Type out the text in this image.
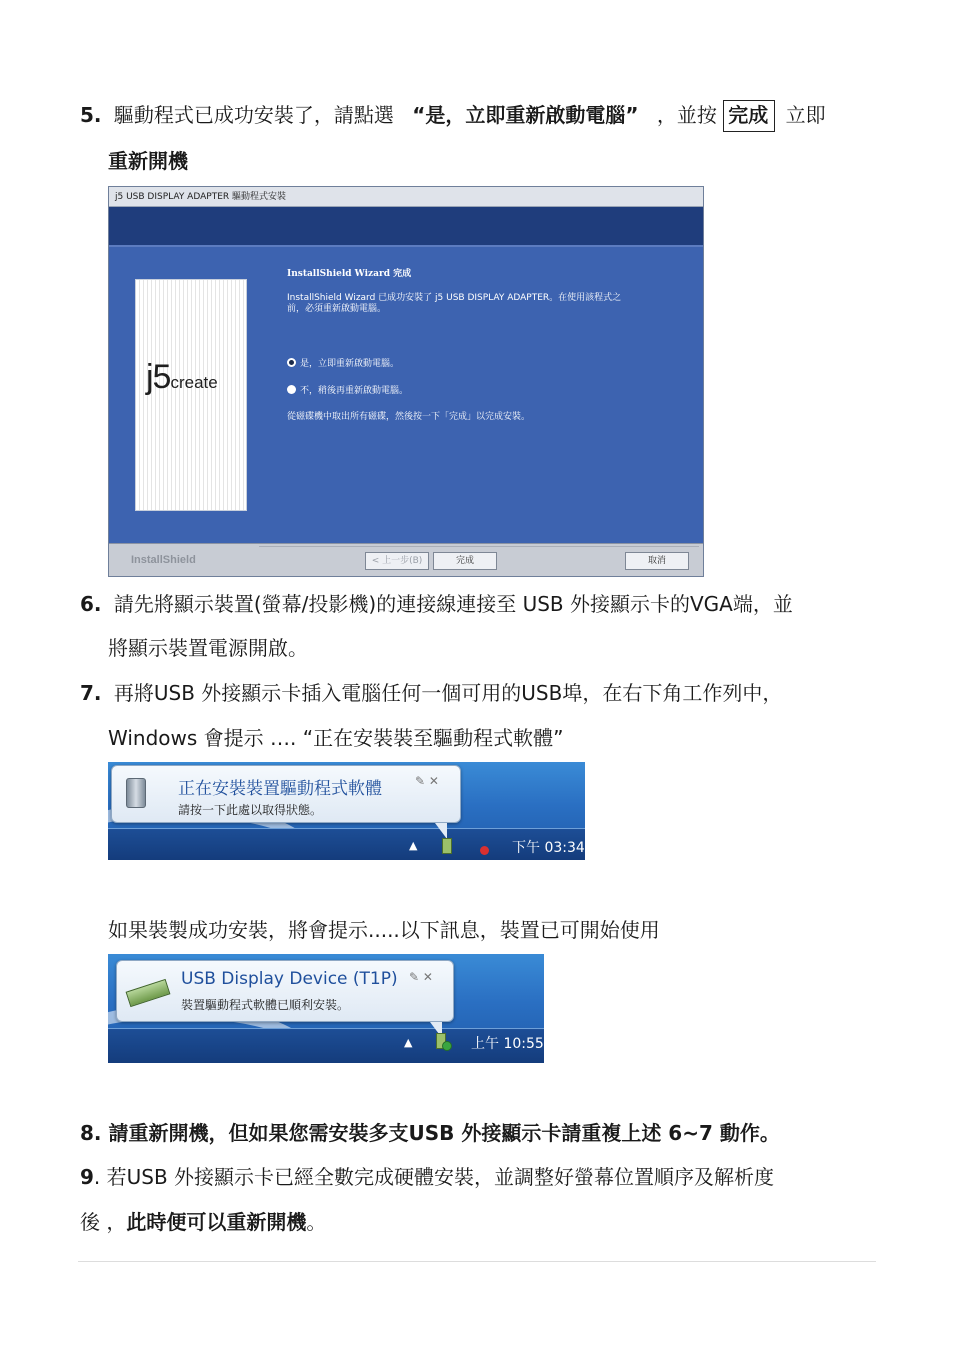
5. 驅動程式已成功安裝了，請點選 “是，立即重新啟動電腦” ，並按 完成 立即
重新開機
j5 USB DISPLAY ADAPTER 驅動程式安裝
j5create
InstallShield Wizard 完成
InstallShield Wizard 已成功安裝了 j5 USB DISPLAY ADAPTER。在使用該程式之
前，必須重新啟動電腦。
是，立即重新啟動電腦。
不，稍後再重新啟動電腦。
從磁碟機中取出所有磁碟，然後按一下「完成」以完成安裝。
InstallShield	< 上一步(B)	完成	取消
6. 請先將顯示裝置(螢幕/投影機)的連接線連接至 USB 外接顯示卡的VGA端，並
將顯示裝置電源開啟。
7. 再將USB 外接顯示卡插入電腦任何一個可用的USB埠，在右下角工作列中，
Windows 會提示 …. “正在安裝裝至驅動程式軟體”
正在安裝裝置驅動程式軟體
請按一下此處以取得狀態。
✎ ✕
▲	下午 03:34
如果裝製成功安裝，將會提示.....以下訊息，裝置已可開始使用
USB Display Device (T1P)
裝置驅動程式軟體已順利安裝。
✎ ✕
▲	上午 10:55
8. 請重新開機，但如果您需安裝多支USB 外接顯示卡請重複上述 6~7 動作。
9. 若USB 外接顯示卡已經全數完成硬體安裝，並調整好螢幕位置順序及解析度
後 ，此時便可以重新開機。
